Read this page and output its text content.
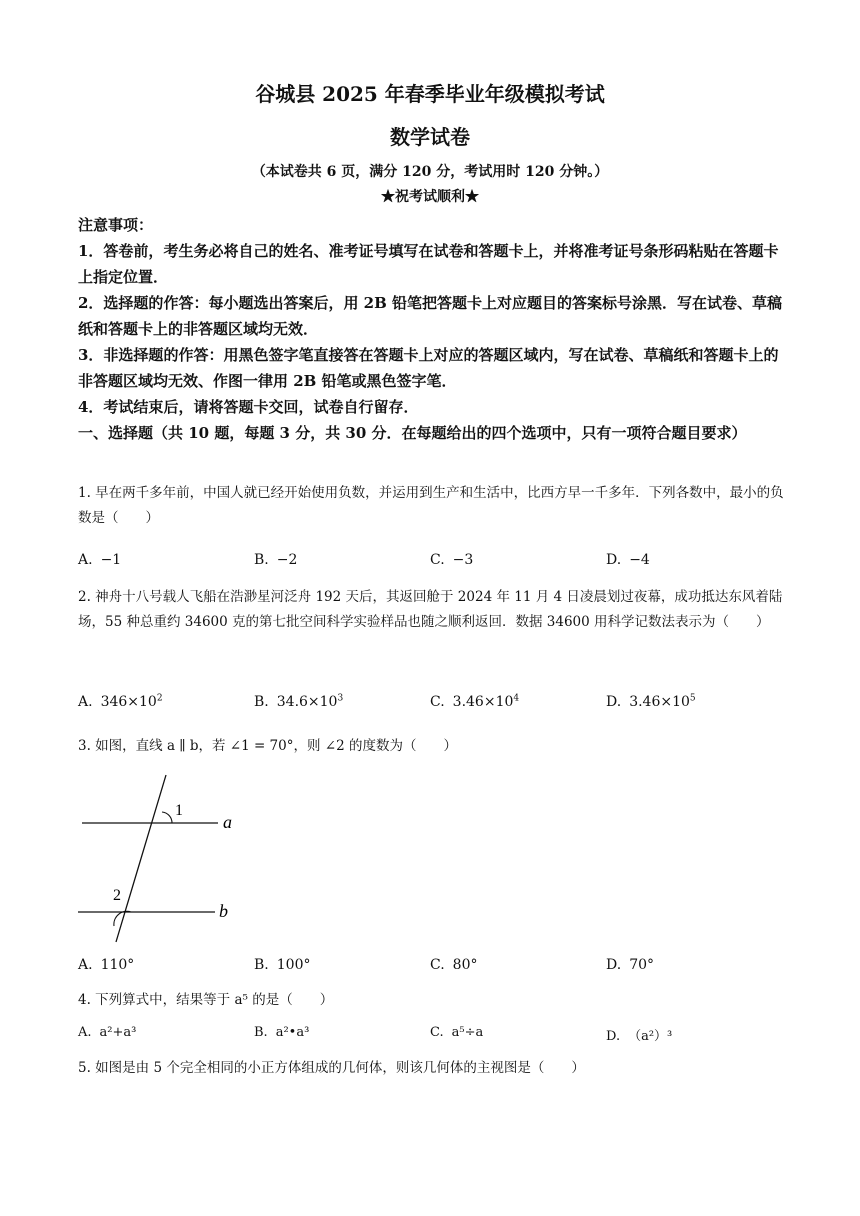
谷城县 2025 年春季毕业年级模拟考试
数学试卷
（本试卷共 6 页，满分 120 分，考试用时 120 分钟。）
★祝考试顺利★
注意事项：
1．答卷前，考生务必将自己的姓名、准考证号填写在试卷和答题卡上，并将准考证号条形码粘贴在答题卡上指定位置．
2．选择题的作答：每小题选出答案后，用 2B 铅笔把答题卡上对应题目的答案标号涂黑．写在试卷、草稿纸和答题卡上的非答题区域均无效．
3．非选择题的作答：用黑色签字笔直接答在答题卡上对应的答题区域内，写在试卷、草稿纸和答题卡上的非答题区域均无效、作图一律用 2B 铅笔或黑色签字笔．
4．考试结束后，请将答题卡交回，试卷自行留存．
一、选择题（共 10 题，每题 3 分，共 30 分．在每题给出的四个选项中，只有一项符合题目要求）
1. 早在两千多年前，中国人就已经开始使用负数，并运用到生产和生活中，比西方早一千多年．下列各数中，最小的负数是（　　）
A. −1	B. −2	C. −3	D. −4
2. 神舟十八号载人飞船在浩渺星河泛舟 192 天后，其返回舱于 2024 年 11 月 4 日凌晨划过夜幕，成功抵达东风着陆场，55 种总重约 34600 克的第七批空间科学实验样品也随之顺利返回．数据 34600 用科学记数法表示为（　　）
A. $346\times 10^2$	B. $34.6\times 10^3$	C. $3.46\times 10^4$	D. $3.46\times 10^5$
3. 如图，直线 a ∥ b，若 ∠1 = 70°，则 ∠2 的度数为（　　）
1
2
a
b
A. 110°	B. 100°	C. 80°	D. 70°
4. 下列算式中，结果等于 a⁵ 的是（　　）
A. a²+a³	B. a²•a³	C. a⁵÷a	D. （a²）³
5. 如图是由 5 个完全相同的小正方体组成的几何体，则该几何体的主视图是（　　）
